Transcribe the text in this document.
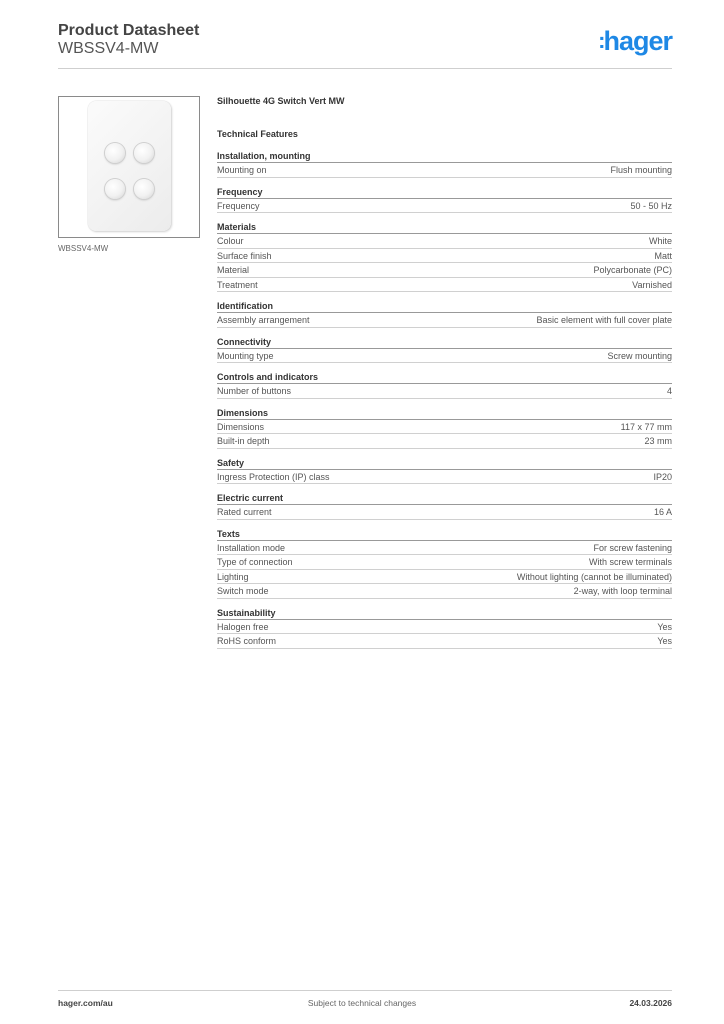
Product Datasheet
WBSSV4-MW	:hager
WBSSV4-MW
Silhouette 4G Switch Vert MW
Technical Features
Installation, mounting
Mounting on	Flush mounting
Frequency
Frequency	50 - 50 Hz
Materials
Colour	White
Surface finish	Matt
Material	Polycarbonate (PC)
Treatment	Varnished
Identification
Assembly arrangement	Basic element with full cover plate
Connectivity
Mounting type	Screw mounting
Controls and indicators
Number of buttons	4
Dimensions
Dimensions	117 x 77 mm
Built-in depth	23 mm
Safety
Ingress Protection (IP) class	IP20
Electric current
Rated current	16 A
Texts
Installation mode	For screw fastening
Type of connection	With screw terminals
Lighting	Without lighting (cannot be illuminated)
Switch mode	2-way, with loop terminal
Sustainability
Halogen free	Yes
RoHS conform	Yes
hager.com/au	Subject to technical changes	24.03.2026
